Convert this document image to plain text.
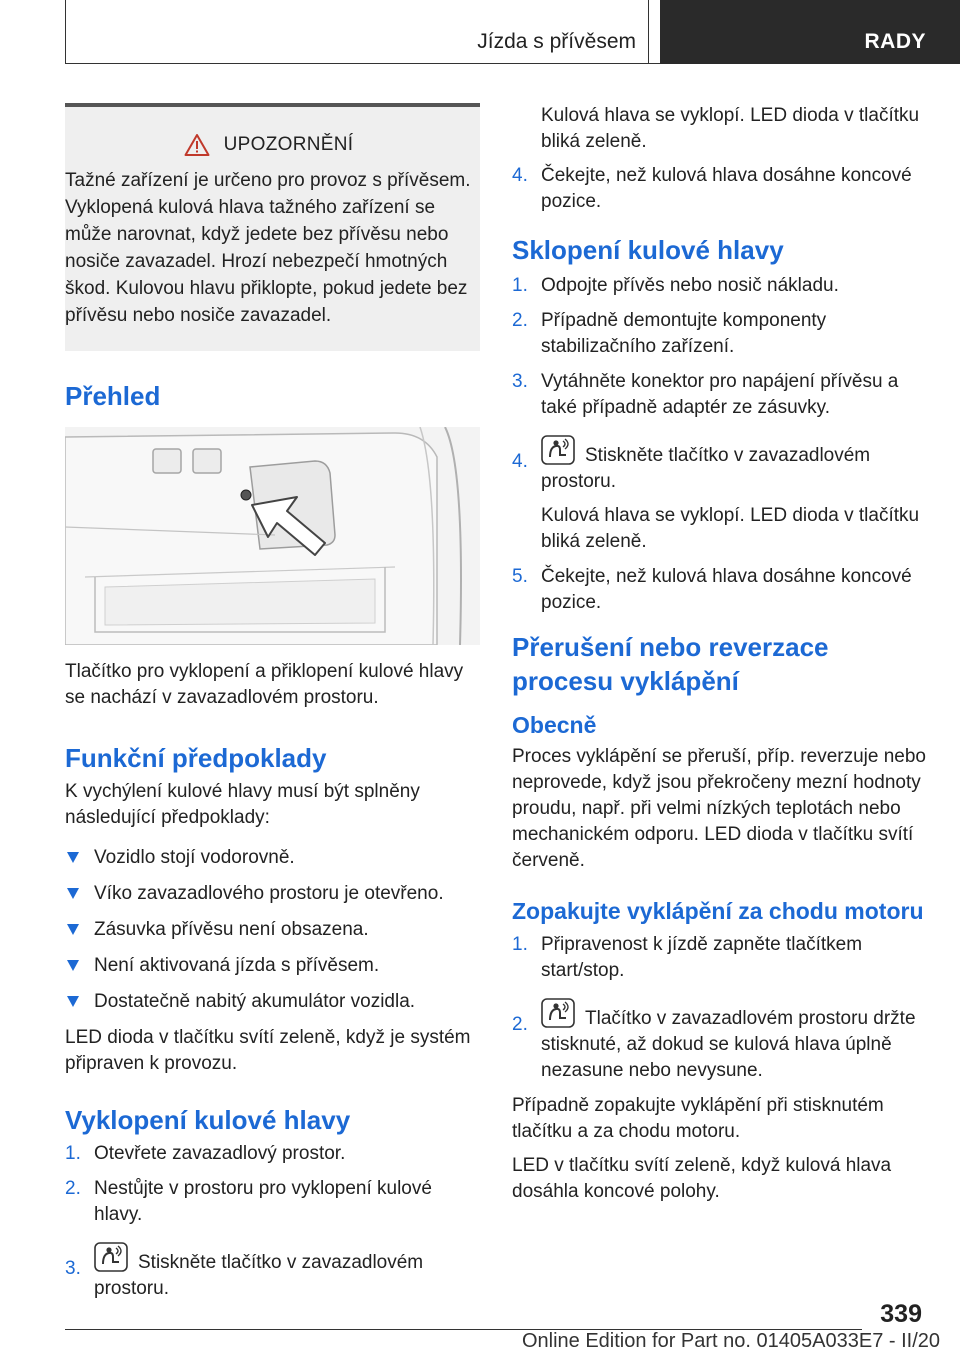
Jízda s přívěsem	RADY
UPOZORNĚNÍ
Tažné zařízení je určeno pro provoz s přívěsem. Vyklopená kulová hlava tažného zařízení se může narovnat, když jedete bez přívěsu nebo nosiče zavazadel. Hrozí nebezpečí hmotných škod. Kulovou hlavu přiklopte, pokud jedete bez přívěsu nebo nosiče zavazadel.
Přehled

Tlačítko pro vyklopení a přiklopení kulové hlavy se nachází v zavazadlovém prostoru.

Funkční předpoklady

K vychýlení kulové hlavy musí být splněny následující předpoklady:

Vozidlo stojí vodorovně.
Víko zavazadlového prostoru je otevřeno.
Zásuvka přívěsu není obsazena.
Není aktivovaná jízda s přívěsem.
Dostatečně nabitý akumulátor vozidla.

LED dioda v tlačítku svítí zeleně, když je systém připraven k provozu.

Vyklopení kulové hlavy
1. Otevřete zavazadlový prostor.
2. Nestůjte v prostoru pro vyklopení kulové hlavy.
3.	Stiskněte tlačítko v zavazadlovém prostoru.

Kulová hlava se vyklopí. LED dioda v tlačítku bliká zeleně.

4. Čekejte, než kulová hlava dosáhne koncové pozice.
Sklopení kulové hlavy
1. Odpojte přívěs nebo nosič nákladu.
2. Případně demontujte komponenty stabilizačního zařízení.
3. Vytáhněte konektor pro napájení přívěsu a také případně adaptér ze zásuvky.
4.	Stiskněte tlačítko v zavazadlovém prostoru.
Kulová hlava se vyklopí. LED dioda v tlačítku bliká zeleně.
5. Čekejte, než kulová hlava dosáhne koncové pozice.
Přerušení nebo reverzace procesu vyklápění
Obecně

Proces vyklápění se přeruší, příp. reverzuje nebo neprovede, když jsou překročeny mezní hodnoty proudu, např. při velmi nízkých teplotách nebo mechanickém odporu. LED dioda v tlačítku svítí červeně.

Zopakujte vyklápění za chodu motoru
1. Připravenost k jízdě zapněte tlačítkem start/stop.
2.	Tlačítko v zavazadlovém prostoru držte stisknuté, až dokud se kulová hlava úplně nezasune nebo nevysune.

Případně zopakujte vyklápění při stisknutém tlačítku a za chodu motoru.

LED v tlačítku svítí zeleně, když kulová hlava dosáhla koncové polohy.

339
Online Edition for Part no. 01405A033E7 - II/20
